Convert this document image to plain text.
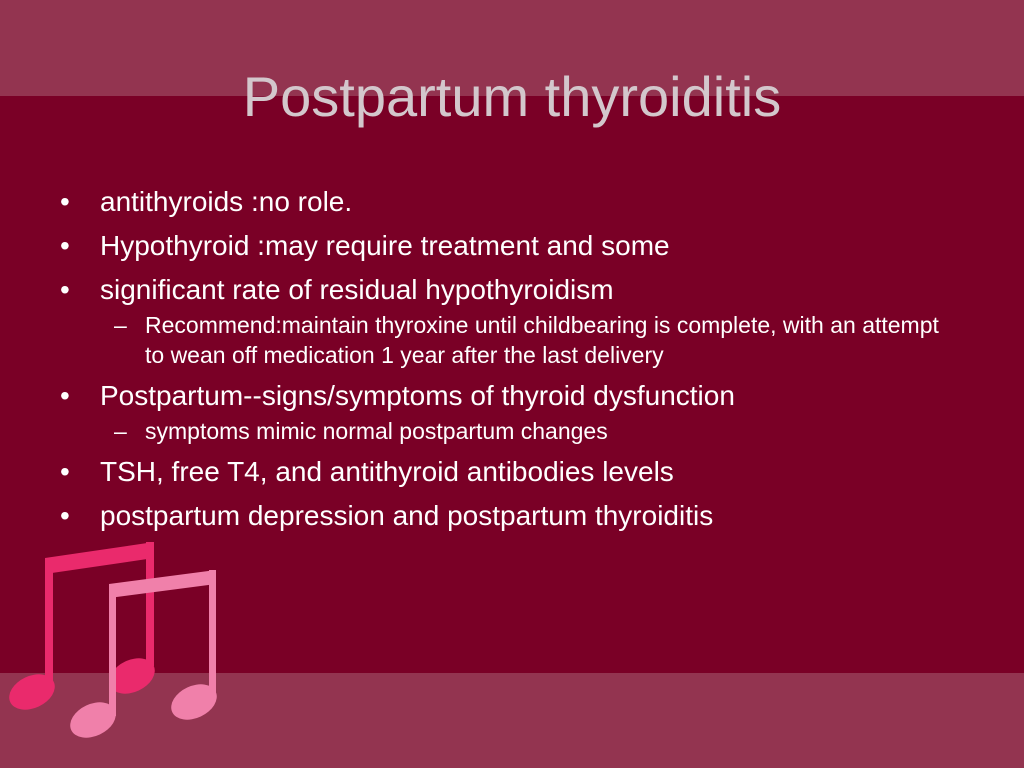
Postpartum thyroiditis
• antithyroids :no role.
• Hypothyroid :may require treatment and some
• significant rate of residual hypothyroidism
– Recommend:maintain thyroxine until childbearing is complete, with an attempt to wean off medication 1 year after the last delivery
• Postpartum--signs/symptoms of thyroid dysfunction
– symptoms mimic normal postpartum changes
• TSH, free T4, and antithyroid antibodies levels
• postpartum depression and postpartum thyroiditis
